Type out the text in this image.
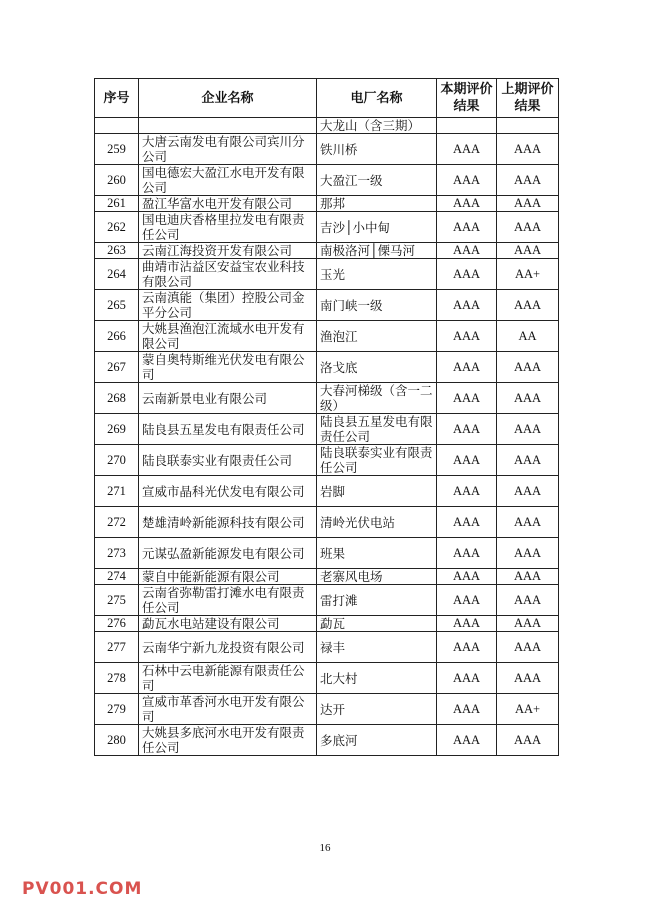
序号	企业名称	电厂名称	本期评价结果	上期评价结果
		大龙山（含三期）		
259	大唐云南发电有限公司宾川分公司	铁川桥	AAA	AAA
260	国电德宏大盈江水电开发有限公司	大盈江一级	AAA	AAA
261	盈江华富水电开发有限公司	那邦	AAA	AAA
262	国电迪庆香格里拉发电有限责任公司	吉沙│小中甸	AAA	AAA
263	云南江海投资开发有限公司	南极洛河│傈马河	AAA	AAA
264	曲靖市沾益区安益宝农业科技有限公司	玉光	AAA	AA+
265	云南滇能（集团）控股公司金平分公司	南门峡一级	AAA	AAA
266	大姚县渔泡江流域水电开发有限公司	渔泡江	AAA	AA
267	蒙自奥特斯维光伏发电有限公司	洛戈底	AAA	AAA
268	云南新景电业有限公司	大春河梯级（含一二级）	AAA	AAA
269	陆良县五星发电有限责任公司	陆良县五星发电有限责任公司	AAA	AAA
270	陆良联泰实业有限责任公司	陆良联泰实业有限责任公司	AAA	AAA
271	宣威市晶科光伏发电有限公司	岩脚	AAA	AAA
272	楚雄清岭新能源科技有限公司	清岭光伏电站	AAA	AAA
273	元谋弘盈新能源发电有限公司	班果	AAA	AAA
274	蒙自中能新能源有限公司	老寨风电场	AAA	AAA
275	云南省弥勒雷打滩水电有限责任公司	雷打滩	AAA	AAA
276	勐瓦水电站建设有限公司	勐瓦	AAA	AAA
277	云南华宁新九龙投资有限公司	禄丰	AAA	AAA
278	石林中云电新能源有限责任公司	北大村	AAA	AAA
279	宣威市革香河水电开发有限公司	达开	AAA	AA+
280	大姚县多底河水电开发有限责任公司	多底河	AAA	AAA
16
PV001.COM
